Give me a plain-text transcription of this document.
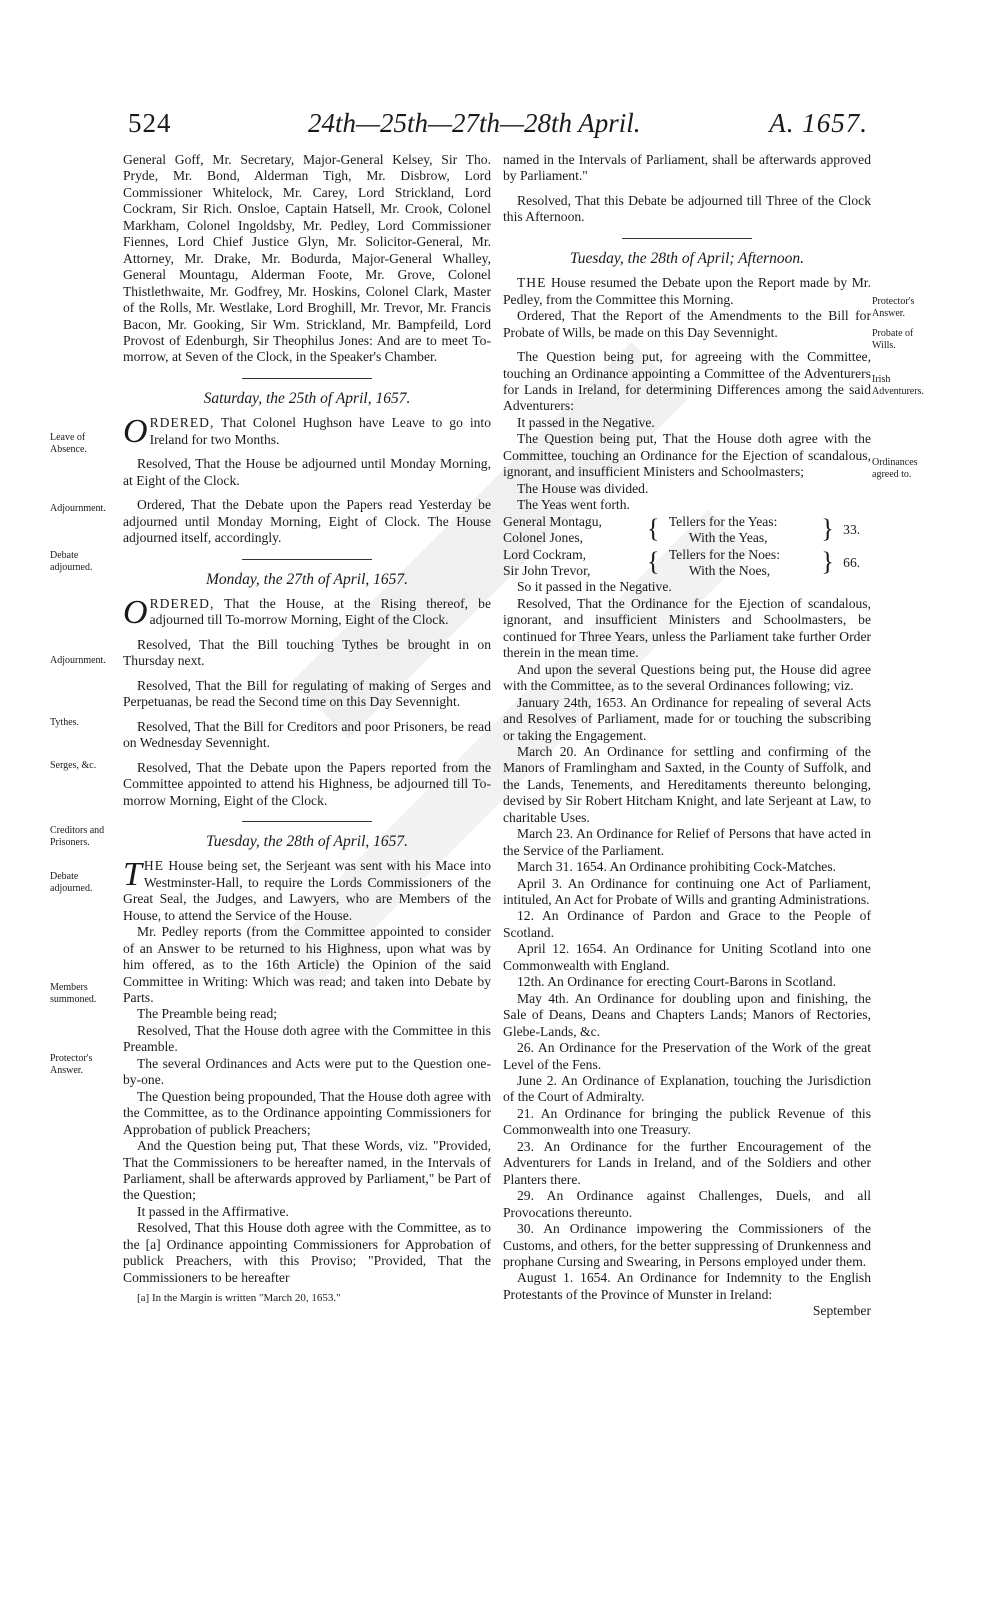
524	24th—25th—27th—28th April.	A. 1657.
Leave of Absence.
Adjournment.
Debate adjourned.
Adjournment.
Tythes.
Serges, &c.
Creditors and Prisoners.
Debate adjourned.
Members summoned.
Protector's Answer.
Protector's Answer.
Probate of Wills.
Irish Adventurers.
Ordinances agreed to.

General Goff, Mr. Secretary, Major-General Kelsey, Sir Tho. Pryde, Mr. Bond, Alderman Tigh, Mr. Disbrow, Lord Commissioner Whitelock, Mr. Carey, Lord Strickland, Lord Cockram, Sir Rich. Onsloe, Captain Hatsell, Mr. Crook, Colonel Markham, Colonel Ingoldsby, Mr. Pedley, Lord Commissioner Fiennes, Lord Chief Justice Glyn, Mr. Solicitor-General, Mr. Attorney, Mr. Drake, Mr. Bodurda, Major-General Whalley, General Mountagu, Alderman Foote, Mr. Grove, Colonel Thistlethwaite, Mr. Godfrey, Mr. Hoskins, Colonel Clark, Master of the Rolls, Mr. Westlake, Lord Broghill, Mr. Trevor, Mr. Francis Bacon, Mr. Gooking, Sir Wm. Strickland, Mr. Bampfeild, Lord Provost of Edenburgh, Sir Theophilus Jones: And are to meet To-morrow, at Seven of the Clock, in the Speaker's Chamber.

Saturday, the 25th of April, 1657.

ORDERED, That Colonel Hughson have Leave to go into Ireland for two Months.

Resolved, That the House be adjourned until Monday Morning, at Eight of the Clock.

Ordered, That the Debate upon the Papers read Yesterday be adjourned until Monday Morning, Eight of Clock. The House adjourned itself, accordingly.

Monday, the 27th of April, 1657.

ORDERED, That the House, at the Rising thereof, be adjourned till To-morrow Morning, Eight of the Clock.

Resolved, That the Bill touching Tythes be brought in on Thursday next.

Resolved, That the Bill for regulating of making of Serges and Perpetuanas, be read the Second time on this Day Sevennight.

Resolved, That the Bill for Creditors and poor Prisoners, be read on Wednesday Sevennight.

Resolved, That the Debate upon the Papers reported from the Committee appointed to attend his Highness, be adjourned till To-morrow Morning, Eight of the Clock.

Tuesday, the 28th of April, 1657.

THE House being set, the Serjeant was sent with his Mace into Westminster-Hall, to require the Lords Commissioners of the Great Seal, the Judges, and Lawyers, who are Members of the House, to attend the Service of the House.

Mr. Pedley reports (from the Committee appointed to consider of an Answer to be returned to his Highness, upon what was by him offered, as to the 16th Article) the Opinion of the said Committee in Writing: Which was read; and taken into Debate by Parts.

The Preamble being read;

Resolved, That the House doth agree with the Committee in this Preamble.

The several Ordinances and Acts were put to the Question one-by-one.

The Question being propounded, That the House doth agree with the Committee, as to the Ordinance appointing Commissioners for Approbation of publick Preachers;

And the Question being put, That these Words, viz. "Provided, That the Commissioners to be hereafter named, in the Intervals of Parliament, shall be afterwards approved by Parliament," be Part of the Question;

It passed in the Affirmative.

Resolved, That this House doth agree with the Committee, as to the [a] Ordinance appointing Commissioners for Approbation of publick Preachers, with this Proviso; "Provided, That the Commissioners to be hereafter

[a] In the Margin is written "March 20, 1653."

named in the Intervals of Parliament, shall be afterwards approved by Parliament."

Resolved, That this Debate be adjourned till Three of the Clock this Afternoon.

Tuesday, the 28th of April; Afternoon.

THE House resumed the Debate upon the Report made by Mr. Pedley, from the Committee this Morning.

Ordered, That the Report of the Amendments to the Bill for Probate of Wills, be made on this Day Sevennight.

The Question being put, for agreeing with the Committee, touching an Ordinance appointing a Committee of the Adventurers for Lands in Ireland, for determining Differences among the said Adventurers:

It passed in the Negative.

The Question being put, That the House doth agree with the Committee, touching an Ordinance for the Ejection of scandalous, ignorant, and insufficient Ministers and Schoolmasters;

The House was divided.

The Yeas went forth.

General Montagu,	{	Tellers for the Yeas:	}	33.
Colonel Jones,		With the Yeas,		
Lord Cockram,	{	Tellers for the Noes:	}	66.
Sir John Trevor,		With the Noes,		

So it passed in the Negative.

Resolved, That the Ordinance for the Ejection of scandalous, ignorant, and insufficient Ministers and Schoolmasters, be continued for Three Years, unless the Parliament take further Order therein in the mean time.

And upon the several Questions being put, the House did agree with the Committee, as to the several Ordinances following; viz.

January 24th, 1653. An Ordinance for repealing of several Acts and Resolves of Parliament, made for or touching the subscribing or taking the Engagement.

March 20. An Ordinance for settling and confirming of the Manors of Framlingham and Saxted, in the County of Suffolk, and the Lands, Tenements, and Hereditaments thereunto belonging, devised by Sir Robert Hitcham Knight, and late Serjeant at Law, to charitable Uses.

March 23. An Ordinance for Relief of Persons that have acted in the Service of the Parliament.

March 31. 1654. An Ordinance prohibiting Cock-Matches.

April 3. An Ordinance for continuing one Act of Parliament, intituled, An Act for Probate of Wills and granting Administrations.

12. An Ordinance of Pardon and Grace to the People of Scotland.

April 12. 1654. An Ordinance for Uniting Scotland into one Commonwealth with England.

12th. An Ordinance for erecting Court-Barons in Scotland.

May 4th. An Ordinance for doubling upon and finishing, the Sale of Deans, Deans and Chapters Lands; Manors of Rectories, Glebe-Lands, &c.

26. An Ordinance for the Preservation of the Work of the great Level of the Fens.

June 2. An Ordinance of Explanation, touching the Jurisdiction of the Court of Admiralty.

21. An Ordinance for bringing the publick Revenue of this Commonwealth into one Treasury.

23. An Ordinance for the further Encouragement of the Adventurers for Lands in Ireland, and of the Soldiers and other Planters there.

29. An Ordinance against Challenges, Duels, and all Provocations thereunto.

30. An Ordinance impowering the Commissioners of the Customs, and others, for the better suppressing of Drunkenness and prophane Cursing and Swearing, in Persons employed under them.

August 1. 1654. An Ordinance for Indemnity to the English Protestants of the Province of Munster in Ireland:

September
